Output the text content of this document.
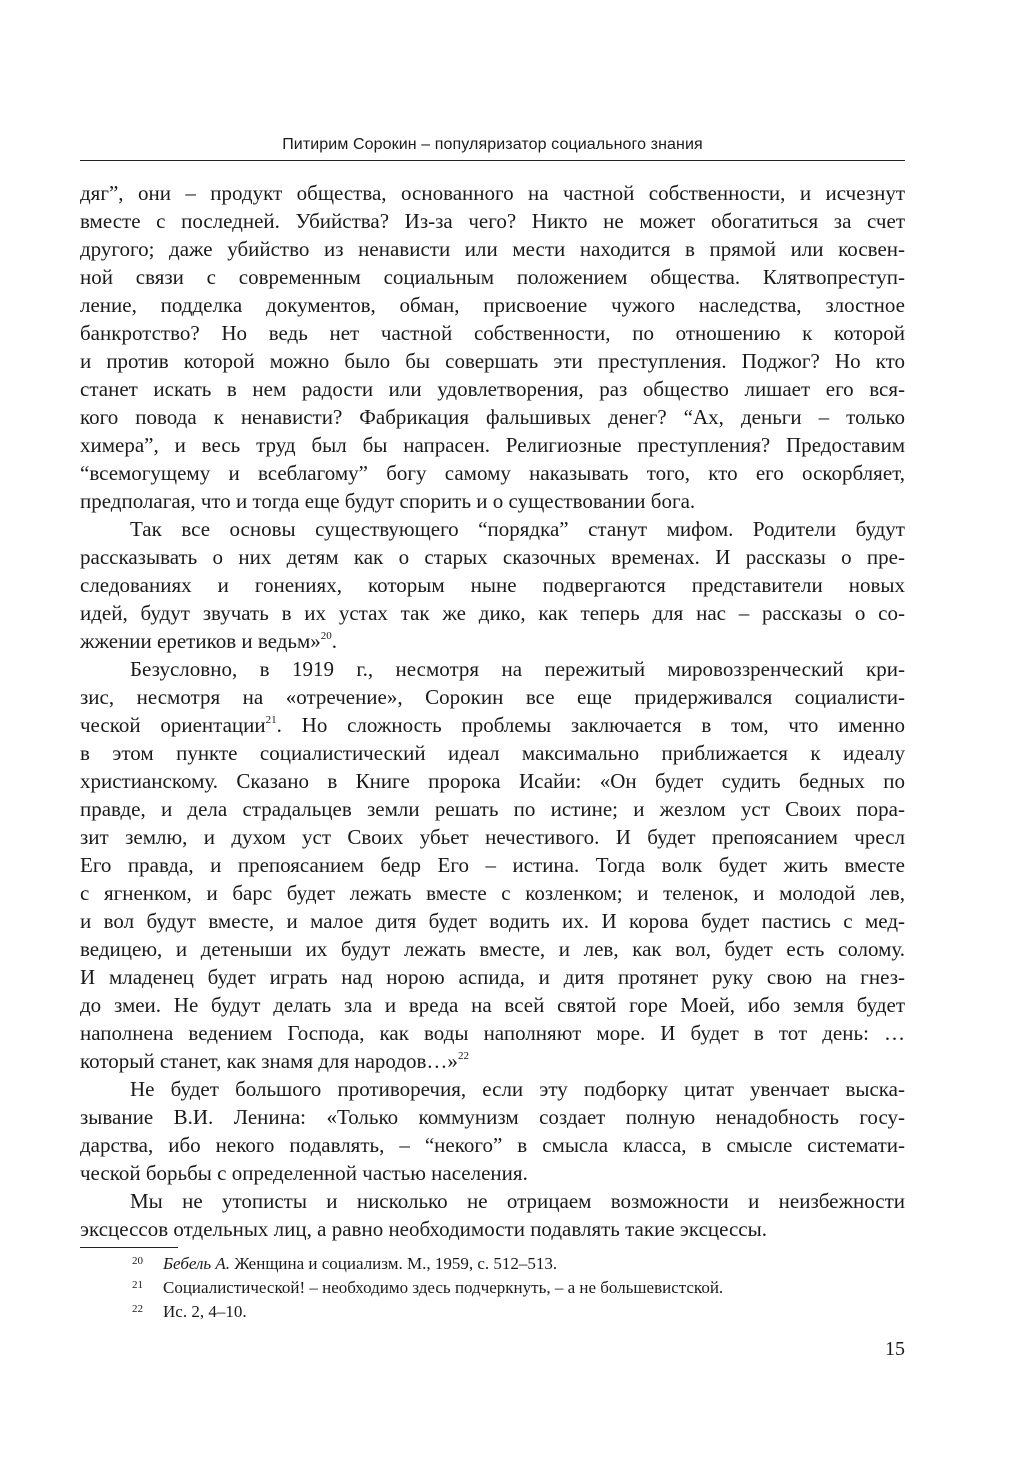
Питирим Сорокин – популяризатор социального знания
дяг”, они – продукт общества, основанного на частной собственности, и исчезнут
вместе с последней. Убийства? Из-за чего? Никто не может обогатиться за счет
другого; даже убийство из ненависти или мести находится в прямой или косвен-
ной связи с современным социальным положением общества. Клятвопреступ-
ление, подделка документов, обман, присвоение чужого наследства, злостное
банкротство? Но ведь нет частной собственности, по отношению к которой
и против которой можно было бы совершать эти преступления. Поджог? Но кто
станет искать в нем радости или удовлетворения, раз общество лишает его вся-
кого повода к ненависти? Фабрикация фальшивых денег? “Ах, деньги – только
химера”, и весь труд был бы напрасен. Религиозные преступления? Предоставим
“всемогущему и всеблагому” богу самому наказывать того, кто его оскорбляет,
предполагая, что и тогда еще будут спорить и о существовании бога.
Так все основы существующего “порядка” станут мифом. Родители будут
рассказывать о них детям как о старых сказочных временах. И рассказы о пре-
следованиях и гонениях, которым ныне подвергаются представители новых
идей, будут звучать в их устах так же дико, как теперь для нас – рассказы о со-
жжении еретиков и ведьм»$^{20}$.
Безусловно, в 1919 г., несмотря на пережитый мировоззренческий кри-
зис, несмотря на «отречение», Сорокин все еще придерживался социалисти-
ческой ориентации$^{21}$. Но сложность проблемы заключается в том, что именно
в этом пункте социалистический идеал максимально приближается к идеалу
христианскому. Сказано в Книге пророка Исайи: «Он будет судить бедных по
правде, и дела страдальцев земли решать по истине; и жезлом уст Своих пора-
зит землю, и духом уст Своих убьет нечестивого. И будет препоясанием чресл
Его правда, и препоясанием бедр Его – истина. Тогда волк будет жить вместе
с ягненком, и барс будет лежать вместе с козленком; и теленок, и молодой лев,
и вол будут вместе, и малое дитя будет водить их. И корова будет пастись с мед-
ведицею, и детеныши их будут лежать вместе, и лев, как вол, будет есть солому.
И младенец будет играть над норою аспида, и дитя протянет руку свою на гнез-
до змеи. Не будут делать зла и вреда на всей святой горе Моей, ибо земля будет
наполнена ведением Господа, как воды наполняют море. И будет в тот день: …
который станет, как знамя для народов…»$^{22}$
Не будет большого противоречия, если эту подборку цитат увенчает выска-
зывание В.И. Ленина: «Только коммунизм создает полную ненадобность госу-
дарства, ибо некого подавлять, – “некого” в смысла класса, в смысле системати-
ческой борьбы с определенной частью населения.
Мы не утописты и нисколько не отрицаем возможности и неизбежности
эксцессов отдельных лиц, а равно необходимости подавлять такие эксцессы.
20 Бебель А. Женщина и социализм. М., 1959, с. 512–513.
21 Социалистической! – необходимо здесь подчеркнуть, – а не большевистской.
22 Ис. 2, 4–10.
15
